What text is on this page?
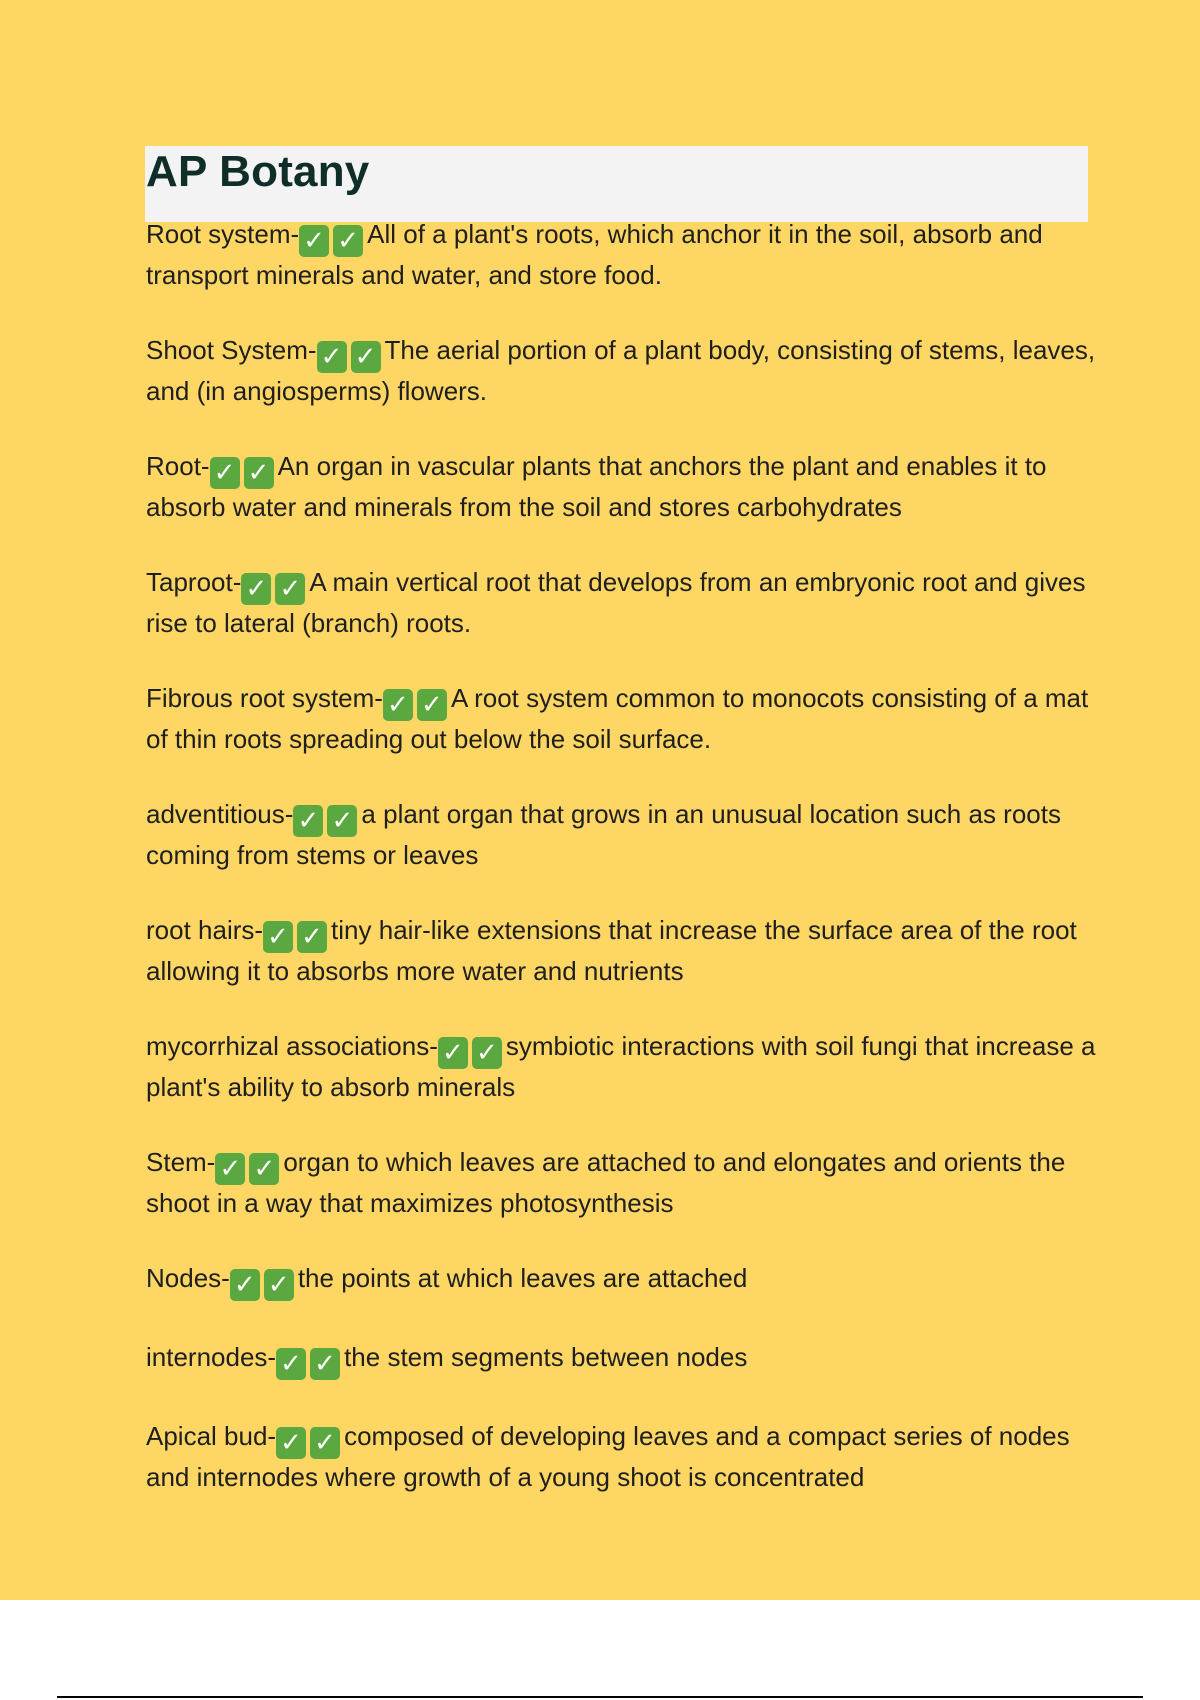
AP Botany
Root system- ✓ ✓ All of a plant's roots, which anchor it in the soil, absorb and transport minerals and water, and store food.
Shoot System- ✓ ✓ The aerial portion of a plant body, consisting of stems, leaves, and (in angiosperms) flowers.
Root- ✓ ✓ An organ in vascular plants that anchors the plant and enables it to absorb water and minerals from the soil and stores carbohydrates
Taproot- ✓ ✓ A main vertical root that develops from an embryonic root and gives rise to lateral (branch) roots.
Fibrous root system- ✓ ✓ A root system common to monocots consisting of a mat of thin roots spreading out below the soil surface.
adventitious- ✓ ✓ a plant organ that grows in an unusual location such as roots coming from stems or leaves
root hairs- ✓ ✓ tiny hair-like extensions that increase the surface area of the root allowing it to absorbs more water and nutrients
mycorrhizal associations- ✓ ✓ symbiotic interactions with soil fungi that increase a plant's ability to absorb minerals
Stem- ✓ ✓ organ to which leaves are attached to and elongates and orients the shoot in a way that maximizes photosynthesis
Nodes- ✓ ✓ the points at which leaves are attached
internodes- ✓ ✓ the stem segments between nodes
Apical bud- ✓ ✓ composed of developing leaves and a compact series of nodes and internodes where growth of a young shoot is concentrated
